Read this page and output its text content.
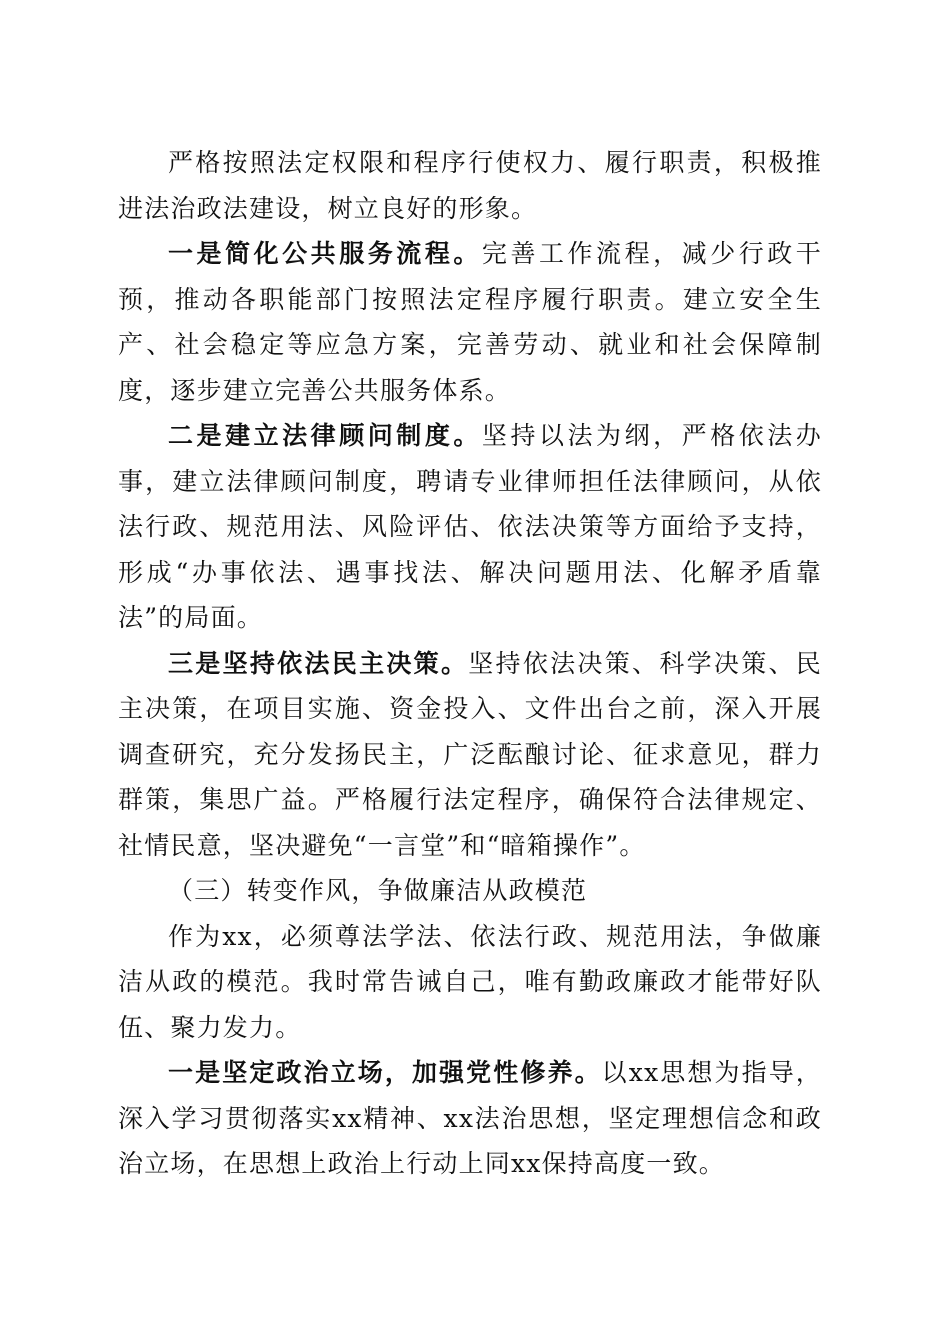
严格按照法定权限和程序行使权力、履行职责，积极推进法治政法建设，树立良好的形象。

一是简化公共服务流程。完善工作流程，减少行政干预，推动各职能部门按照法定程序履行职责。建立安全生产、社会稳定等应急方案，完善劳动、就业和社会保障制度，逐步建立完善公共服务体系。

二是建立法律顾问制度。坚持以法为纲，严格依法办事，建立法律顾问制度，聘请专业律师担任法律顾问，从依法行政、规范用法、风险评估、依法决策等方面给予支持，形成“办事依法、遇事找法、解决问题用法、化解矛盾靠法”的局面。

三是坚持依法民主决策。坚持依法决策、科学决策、民主决策，在项目实施、资金投入、文件出台之前，深入开展调查研究，充分发扬民主，广泛酝酿讨论、征求意见，群力群策，集思广益。严格履行法定程序，确保符合法律规定、社情民意，坚决避免“一言堂”和“暗箱操作”。

（三）转变作风，争做廉洁从政模范

作为xx，必须尊法学法、依法行政、规范用法，争做廉洁从政的模范。我时常告诫自己，唯有勤政廉政才能带好队伍、聚力发力。

一是坚定政治立场，加强党性修养。以xx思想为指导，深入学习贯彻落实xx精神、xx法治思想，坚定理想信念和政治立场，在思想上政治上行动上同xx保持高度一致。
